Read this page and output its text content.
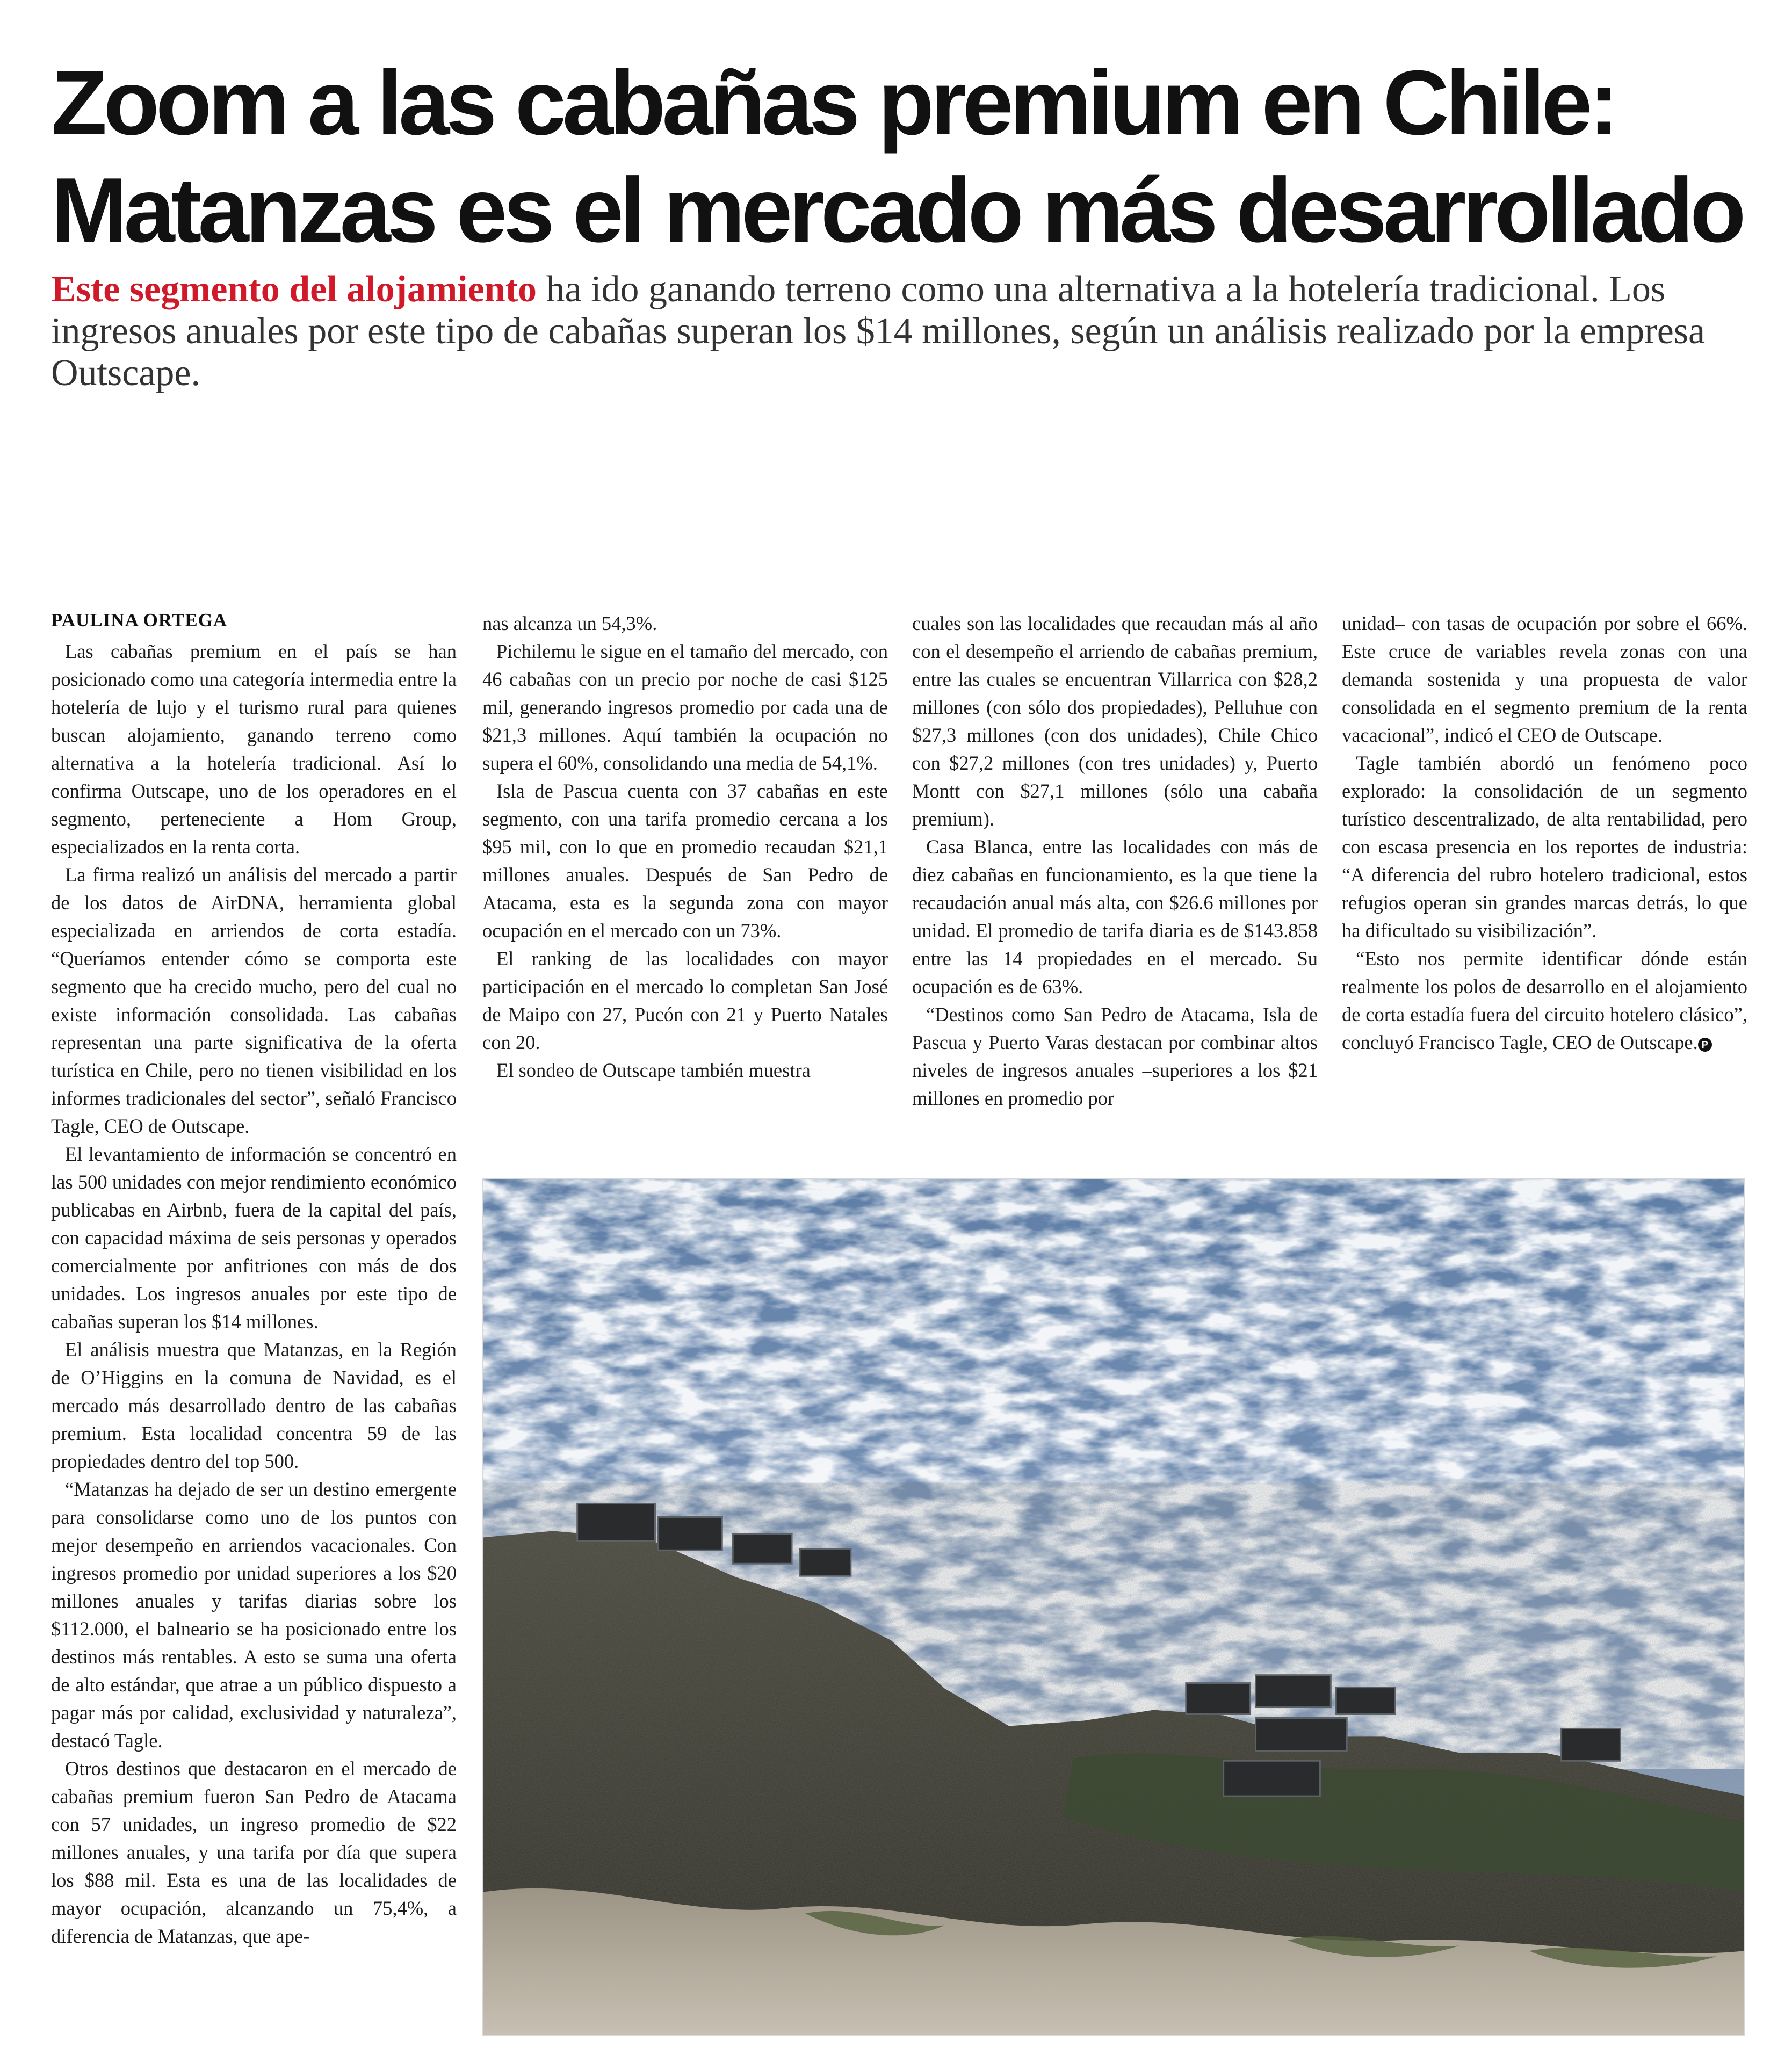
Zoom a las cabañas premium en Chile:
Matanzas es el mercado más desarrollado

Este segmento del alojamiento ha ido ganando terreno como una alternativa a la hotelería tradicional. Los ingresos anuales por este tipo de cabañas superan los $14 millones, según un análisis realizado por la empresa Outscape.

PAULINA ORTEGA

Las cabañas premium en el país se han posicionado como una categoría intermedia entre la hotelería de lujo y el turismo rural para quienes buscan alojamiento, ganando terreno como alternativa a la hotelería tradicional. Así lo confirma Outscape, uno de los operadores en el segmento, perteneciente a Hom Group, especializados en la renta corta.

La firma realizó un análisis del mercado a partir de los datos de AirDNA, herramienta global especializada en arriendos de corta estadía. “Queríamos entender cómo se comporta este segmento que ha crecido mucho, pero del cual no existe información consolidada. Las cabañas representan una parte significativa de la oferta turística en Chile, pero no tienen visibilidad en los informes tradicionales del sector”, señaló Francisco Tagle, CEO de Outscape.

El levantamiento de información se concentró en las 500 unidades con mejor rendimiento económico publicabas en Airbnb, fuera de la capital del país, con capacidad máxima de seis personas y operados comercialmente por anfitriones con más de dos unidades. Los ingresos anuales por este tipo de cabañas superan los $14 millones.

El análisis muestra que Matanzas, en la Región de O’Higgins en la comuna de Navidad, es el mercado más desarrollado dentro de las cabañas premium. Esta localidad concentra 59 de las propiedades dentro del top 500.

“Matanzas ha dejado de ser un destino emergente para consolidarse como uno de los puntos con mejor desempeño en arriendos vacacionales. Con ingresos promedio por unidad superiores a los $20 millones anuales y tarifas diarias sobre los $112.000, el balneario se ha posicionado entre los destinos más rentables. A esto se suma una oferta de alto estándar, que atrae a un público dispuesto a pagar más por calidad, exclusividad y naturaleza”, destacó Tagle.

Otros destinos que destacaron en el mercado de cabañas premium fueron San Pedro de Atacama con 57 unidades, un ingreso promedio de $22 millones anuales, y una tarifa por día que supera los $88 mil. Esta es una de las localidades de mayor ocupación, alcanzando un 75,4%, a diferencia de Matanzas, que ape-

nas alcanza un 54,3%.

Pichilemu le sigue en el tamaño del mercado, con 46 cabañas con un precio por noche de casi $125 mil, generando ingresos promedio por cada una de $21,3 millones. Aquí también la ocupación no supera el 60%, consolidando una media de 54,1%.

Isla de Pascua cuenta con 37 cabañas en este segmento, con una tarifa promedio cercana a los $95 mil, con lo que en promedio recaudan $21,1 millones anuales. Después de San Pedro de Atacama, esta es la segunda zona con mayor ocupación en el mercado con un 73%.

El ranking de las localidades con mayor participación en el mercado lo completan San José de Maipo con 27, Pucón con 21 y Puerto Natales con 20.

El sondeo de Outscape también muestra

cuales son las localidades que recaudan más al año con el desempeño el arriendo de cabañas premium, entre las cuales se encuentran Villarrica con $28,2 millones (con sólo dos propiedades), Pelluhue con $27,3 millones (con dos unidades), Chile Chico con $27,2 millones (con tres unidades) y, Puerto Montt con $27,1 millones (sólo una cabaña premium).

Casa Blanca, entre las localidades con más de diez cabañas en funcionamiento, es la que tiene la recaudación anual más alta, con $26.6 millones por unidad. El promedio de tarifa diaria es de $143.858 entre las 14 propiedades en el mercado. Su ocupación es de 63%.

“Destinos como San Pedro de Atacama, Isla de Pascua y Puerto Varas destacan por combinar altos niveles de ingresos anuales –superiores a los $21 millones en promedio por

unidad– con tasas de ocupación por sobre el 66%. Este cruce de variables revela zonas con una demanda sostenida y una propuesta de valor consolidada en el segmento premium de la renta vacacional”, indicó el CEO de Outscape.

Tagle también abordó un fenómeno poco explorado: la consolidación de un segmento turístico descentralizado, de alta rentabilidad, pero con escasa presencia en los reportes de industria: “A diferencia del rubro hotelero tradicional, estos refugios operan sin grandes marcas detrás, lo que ha dificultado su visibilización”.

“Esto nos permite identificar dónde están realmente los polos de desarrollo en el alojamiento de corta estadía fuera del circuito hotelero clásico”, concluyó Francisco Tagle, CEO de Outscape. P
